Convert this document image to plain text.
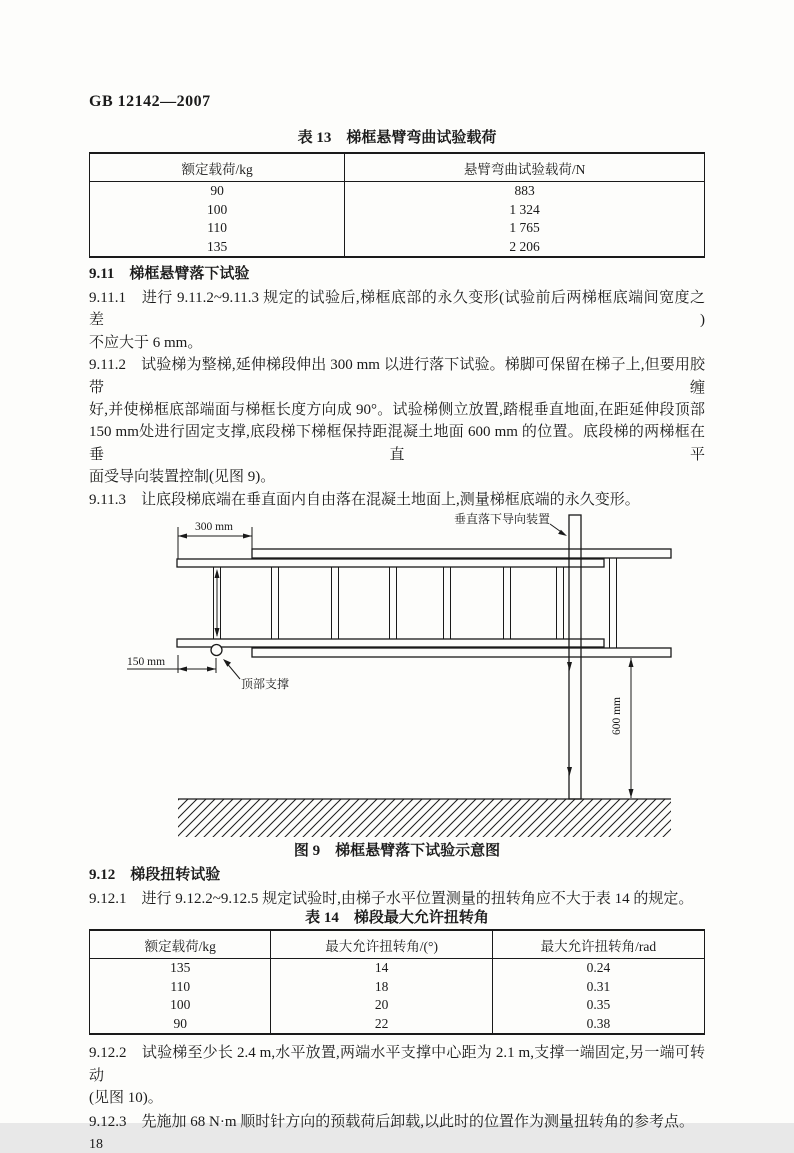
GB 12142—2007
表 13　梯框悬臂弯曲试验载荷
额定载荷/kg	悬臂弯曲试验载荷/N
90	883
100	1 324
110	1 765
135	2 206
9.11　梯框悬臂落下试验
9.11.1　进行 9.11.2~9.11.3 规定的试验后,梯框底部的永久变形(试验前后两梯框底端间宽度之差)
不应大于 6 mm。
9.11.2　试验梯为整梯,延伸梯段伸出 300 mm 以进行落下试验。梯脚可保留在梯子上,但要用胶带缠
好,并使梯框底部端面与梯框长度方向成 90°。试验梯侧立放置,踏棍垂直地面,在距延伸段顶部
150 mm处进行固定支撑,底段梯下梯框保持距混凝土地面 600 mm 的位置。底段梯的两梯框在垂直平
面受导向装置控制(见图 9)。
9.11.3　让底段梯底端在垂直面内自由落在混凝土地面上,测量梯框底端的永久变形。
300 mm
150 mm
顶部支撑
垂直落下导向装置
600 mm
图 9　梯框悬臂落下试验示意图
9.12　梯段扭转试验
9.12.1　进行 9.12.2~9.12.5 规定试验时,由梯子水平位置测量的扭转角应不大于表 14 的规定。
表 14　梯段最大允许扭转角
额定载荷/kg	最大允许扭转角/(°)	最大允许扭转角/rad
135	14	0.24
110	18	0.31
100	20	0.35
90	22	0.38
9.12.2　试验梯至少长 2.4 m,水平放置,两端水平支撑中心距为 2.1 m,支撑一端固定,另一端可转动
(见图 10)。
9.12.3　先施加 68 N·m 顺时针方向的预载荷后卸载,以此时的位置作为测量扭转角的参考点。
18
